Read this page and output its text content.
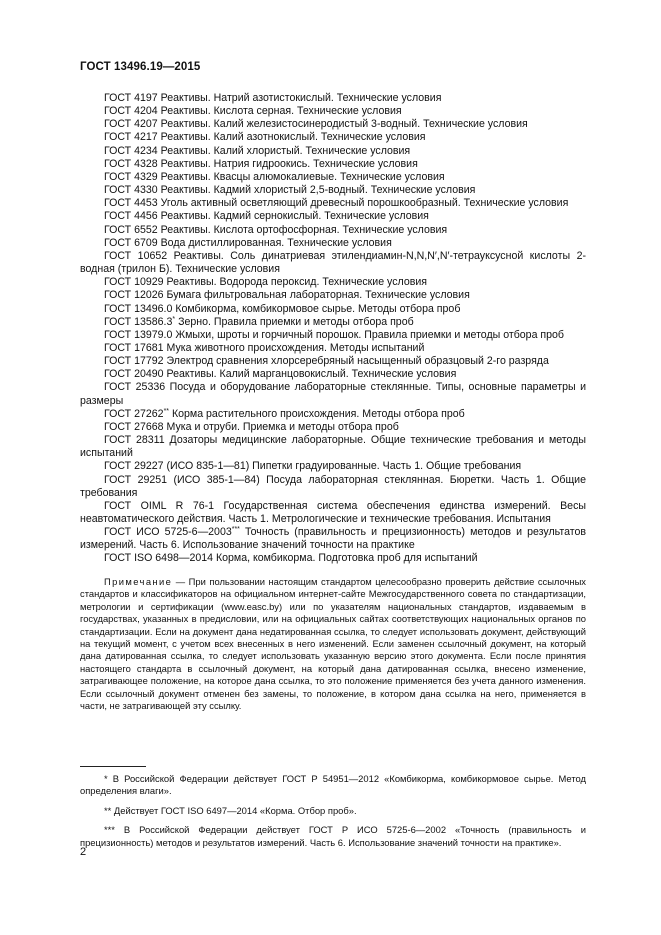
ГОСТ 13496.19—2015

ГОСТ 4197 Реактивы. Натрий азотистокислый. Технические условия

ГОСТ 4204 Реактивы. Кислота серная. Технические условия

ГОСТ 4207 Реактивы. Калий железистосинеродистый 3-водный. Технические условия

ГОСТ 4217 Реактивы. Калий азотнокислый. Технические условия

ГОСТ 4234 Реактивы. Калий хлористый. Технические условия

ГОСТ 4328 Реактивы. Натрия гидроокись. Технические условия

ГОСТ 4329 Реактивы. Квасцы алюмокалиевые. Технические условия

ГОСТ 4330 Реактивы. Кадмий хлористый 2,5-водный. Технические условия

ГОСТ 4453 Уголь активный осветляющий древесный порошкообразный. Технические условия

ГОСТ 4456 Реактивы. Кадмий сернокислый. Технические условия

ГОСТ 6552 Реактивы. Кислота ортофосфорная. Технические условия

ГОСТ 6709 Вода дистиллированная. Технические условия

ГОСТ 10652 Реактивы. Соль динатриевая этилендиамин-N,N,N′,N′-тетрауксусной кислоты 2-водная (трилон Б). Технические условия

ГОСТ 10929 Реактивы. Водорода пероксид. Технические условия

ГОСТ 12026 Бумага фильтровальная лабораторная. Технические условия

ГОСТ 13496.0 Комбикорма, комбикормовое сырье. Методы отбора проб

ГОСТ 13586.3* Зерно. Правила приемки и методы отбора проб

ГОСТ 13979.0 Жмыхи, шроты и горчичный порошок. Правила приемки и методы отбора проб

ГОСТ 17681 Мука животного происхождения. Методы испытаний

ГОСТ 17792 Электрод сравнения хлорсеребряный насыщенный образцовый 2-го разряда

ГОСТ 20490 Реактивы. Калий марганцовокислый. Технические условия

ГОСТ 25336 Посуда и оборудование лабораторные стеклянные. Типы, основные параметры и размеры

ГОСТ 27262** Корма растительного происхождения. Методы отбора проб

ГОСТ 27668 Мука и отруби. Приемка и методы отбора проб

ГОСТ 28311 Дозаторы медицинские лабораторные. Общие технические требования и методы испытаний

ГОСТ 29227 (ИСО 835-1—81) Пипетки градуированные. Часть 1. Общие требования

ГОСТ 29251 (ИСО 385-1—84) Посуда лабораторная стеклянная. Бюретки. Часть 1. Общие требования

ГОСТ OIML R 76-1 Государственная система обеспечения единства измерений. Весы неавтоматического действия. Часть 1. Метрологические и технические требования. Испытания

ГОСТ ИСО 5725-6—2003*** Точность (правильность и прецизионность) методов и результатов измерений. Часть 6. Использование значений точности на практике

ГОСТ ISO 6498—2014 Корма, комбикорма. Подготовка проб для испытаний

Примечание — При пользовании настоящим стандартом целесообразно проверить действие ссылочных стандартов и классификаторов на официальном интернет-сайте Межгосударственного совета по стандартизации, метрологии и сертификации (www.easc.by) или по указателям национальных стандартов, издаваемым в государствах, указанных в предисловии, или на официальных сайтах соответствующих национальных органов по стандартизации. Если на документ дана недатированная ссылка, то следует использовать документ, действующий на текущий момент, с учетом всех внесенных в него изменений. Если заменен ссылочный документ, на который дана датированная ссылка, то следует использовать указанную версию этого документа. Если после принятия настоящего стандарта в ссылочный документ, на который дана датированная ссылка, внесено изменение, затрагивающее положение, на которое дана ссылка, то это положение применяется без учета данного изменения. Если ссылочный документ отменен без замены, то положение, в котором дана ссылка на него, применяется в части, не затрагивающей эту ссылку.

* В Российской Федерации действует ГОСТ Р 54951—2012 «Комбикорма, комбикормовое сырье. Метод определения влаги».

** Действует ГОСТ ISO 6497—2014 «Корма. Отбор проб».

*** В Российской Федерации действует ГОСТ Р ИСО 5725-6—2002 «Точность (правильность и прецизионность) методов и результатов измерений. Часть 6. Использование значений точности на практике».

2
